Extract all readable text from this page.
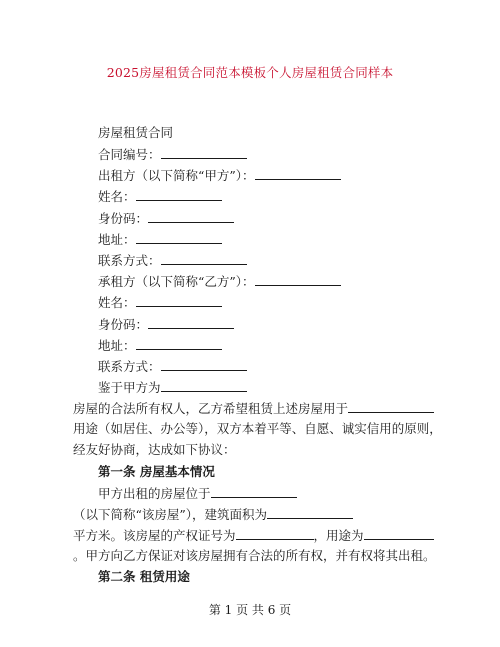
2025房屋租赁合同范本模板个人房屋租赁合同样本
房屋租赁合同
合同编号：
出租方（以下简称“甲方”）：
姓名：
身份码：
地址：
联系方式：
承租方（以下简称“乙方”）：
姓名：
身份码：
地址：
联系方式：
鉴于甲方为
房屋的合法所有权人，乙方希望租赁上述房屋用于
用途（如居住、办公等），双方本着平等、自愿、诚实信用的原则，
经友好协商，达成如下协议：
第一条 房屋基本情况
甲方出租的房屋位于
（以下简称“该房屋”），建筑面积为
平方米。该房屋的产权证号为	，用途为
。甲方向乙方保证对该房屋拥有合法的所有权，并有权将其出租。
第二条 租赁用途
第 1 页 共 6 页
